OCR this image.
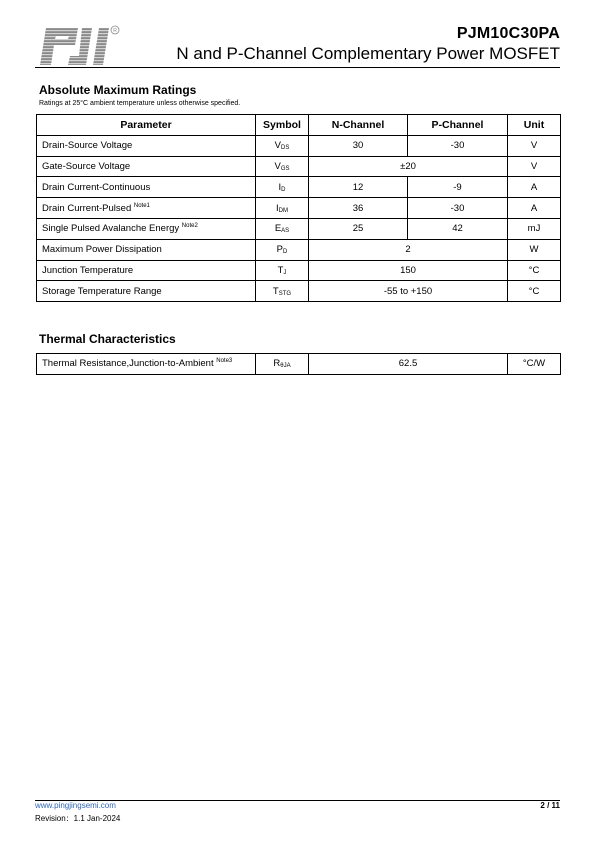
R	PJM10C30PA
N and P-Channel Complementary Power MOSFET
Absolute Maximum Ratings
Ratings at 25°C ambient temperature unless otherwise specified.
Parameter	Symbol	N-Channel	P-Channel	Unit
Drain-Source Voltage	$V_{DS}$	30	-30	V
Gate-Source Voltage	$V_{GS}$	±20		V
Drain Current-Continuous	$I_D$	12	-9	A
Drain Current-Pulsed $^{Note1}$	$I_{DM}$	36	-30	A
Single Pulsed Avalanche Energy $^{Note2}$	$E_{AS}$	25	42	mJ
Maximum Power Dissipation	$P_D$	2		W
Junction Temperature	$T_J$	150		°C
Storage Temperature Range	$T_{STG}$	-55 to +150		°C
Thermal Characteristics
Thermal Resistance,Junction-to-Ambient $^{Note3}$	$R_{\theta JA}$	62.5	°C/W
www.pingjingsemi.com
Revision：1.1 Jan-2024
2 / 11
